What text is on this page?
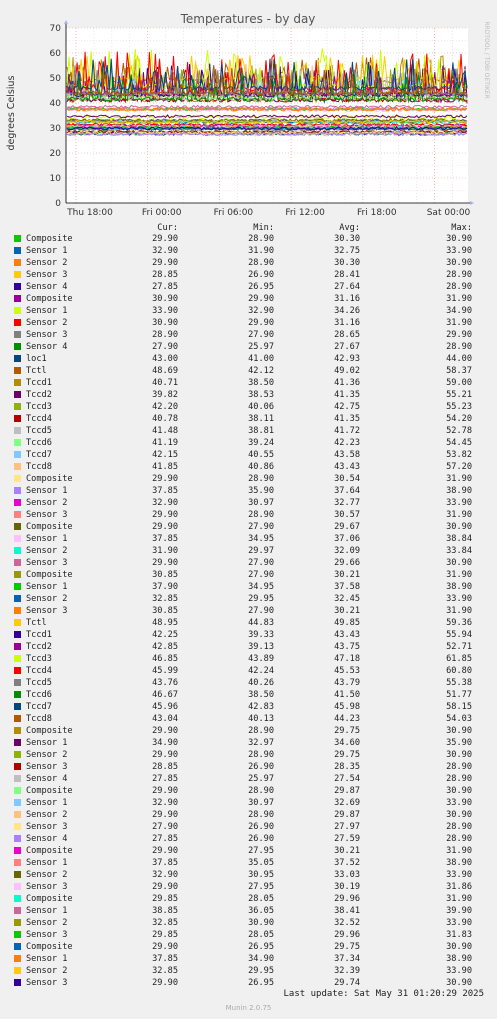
Temperatures - by day
degrees Celsius
RRDTOOL / TOBI OETIKER
0
10
20
30
40
50
60
70
Thu 18:00	Fri 00:00	Fri 06:00	Fri 12:00	Fri 18:00	Sat 00:00
Cur:	Min:	Avg:	Max:
Composite	29.90	28.90	30.30	30.90
Sensor 1	32.90	31.90	32.75	33.90
Sensor 2	29.90	28.90	30.30	30.90
Sensor 3	28.85	26.90	28.41	28.90
Sensor 4	27.85	26.95	27.64	28.90
Composite	30.90	29.90	31.16	31.90
Sensor 1	33.90	32.90	34.26	34.90
Sensor 2	30.90	29.90	31.16	31.90
Sensor 3	28.90	27.90	28.65	29.90
Sensor 4	27.90	25.97	27.67	28.90
loc1	43.00	41.00	42.93	44.00
Tctl	48.69	42.12	49.02	58.37
Tccd1	40.71	38.50	41.36	59.00
Tccd2	39.82	38.53	41.35	55.21
Tccd3	42.20	40.06	42.75	55.23
Tccd4	40.78	38.11	41.35	54.20
Tccd5	41.48	38.81	41.72	52.78
Tccd6	41.19	39.24	42.23	54.45
Tccd7	42.15	40.55	43.58	53.82
Tccd8	41.85	40.86	43.43	57.20
Composite	29.90	28.90	30.54	31.90
Sensor 1	37.85	35.90	37.64	38.90
Sensor 2	32.90	30.97	32.77	33.90
Sensor 3	29.90	28.90	30.57	31.90
Composite	29.90	27.90	29.67	30.90
Sensor 1	37.85	34.95	37.06	38.84
Sensor 2	31.90	29.97	32.09	33.84
Sensor 3	29.90	27.90	29.66	30.90
Composite	30.85	27.90	30.21	31.90
Sensor 1	37.90	34.95	37.58	38.90
Sensor 2	32.85	29.95	32.45	33.90
Sensor 3	30.85	27.90	30.21	31.90
Tctl	48.95	44.83	49.85	59.36
Tccd1	42.25	39.33	43.43	55.94
Tccd2	42.85	39.13	43.75	52.71
Tccd3	46.85	43.89	47.18	61.85
Tccd4	45.99	42.24	45.53	60.80
Tccd5	43.76	40.26	43.79	55.38
Tccd6	46.67	38.50	41.50	51.77
Tccd7	45.96	42.83	45.98	58.15
Tccd8	43.04	40.13	44.23	54.03
Composite	29.90	28.90	29.75	30.90
Sensor 1	34.90	32.97	34.60	35.90
Sensor 2	29.90	28.90	29.75	30.90
Sensor 3	28.85	26.90	28.35	28.90
Sensor 4	27.85	25.97	27.54	28.90
Composite	29.90	28.90	29.87	30.90
Sensor 1	32.90	30.97	32.69	33.90
Sensor 2	29.90	28.90	29.87	30.90
Sensor 3	27.90	26.90	27.97	28.90
Sensor 4	27.85	26.90	27.59	28.90
Composite	29.90	27.95	30.21	31.90
Sensor 1	37.85	35.05	37.52	38.90
Sensor 2	32.90	30.95	33.03	33.90
Sensor 3	29.90	27.95	30.19	31.86
Composite	29.85	28.05	29.96	31.90
Sensor 1	38.85	36.05	38.41	39.90
Sensor 2	32.85	30.90	32.52	33.90
Sensor 3	29.85	28.05	29.96	31.83
Composite	29.90	26.95	29.75	30.90
Sensor 1	37.85	34.90	37.34	38.90
Sensor 2	32.85	29.95	32.39	33.90
Sensor 3	29.90	26.95	29.74	30.90
Last update: Sat May 31 01:20:29 2025
Munin 2.0.75
